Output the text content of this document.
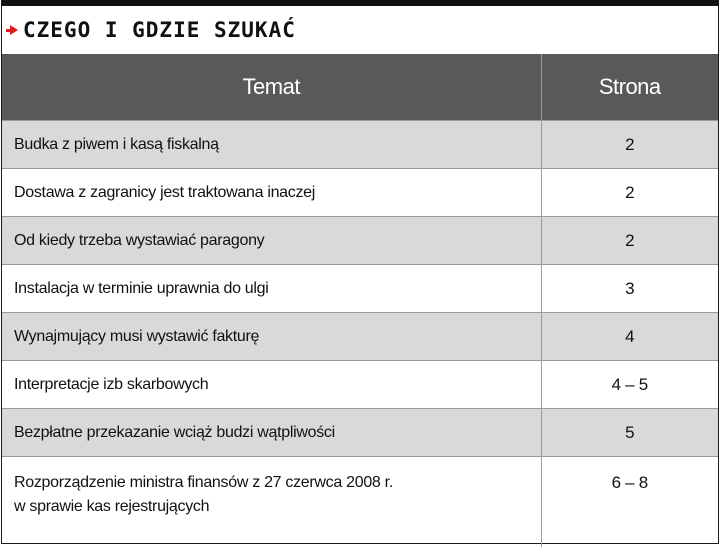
CZEGO I GDZIE SZUKAĆ
Temat	Strona
Budka z piwem i kasą fiskalną	2
Dostawa z zagranicy jest traktowana inaczej	2
Od kiedy trzeba wystawiać paragony	2
Instalacja w terminie uprawnia do ulgi	3
Wynajmujący musi wystawić fakturę	4
Interpretacje izb skarbowych	4 – 5
Bezpłatne przekazanie wciąż budzi wątpliwości	5

Rozporządzenie ministra finansów z 27 czerwca 2008 r.
w sprawie kas rejestrujących	6 – 8
